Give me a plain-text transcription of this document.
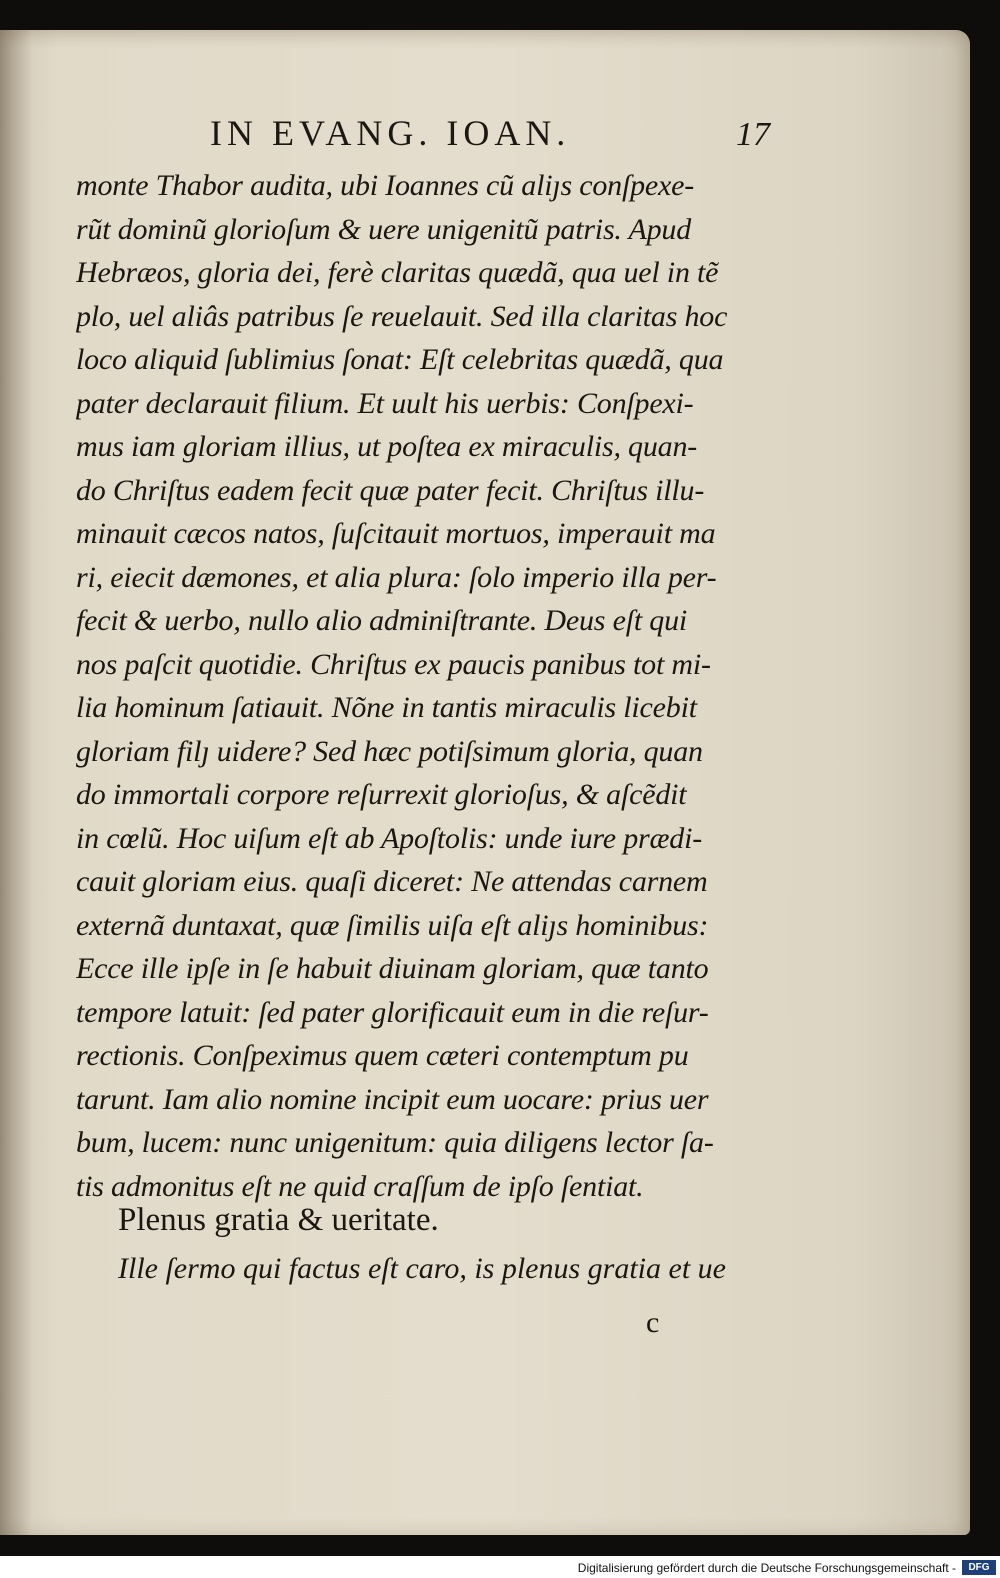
IN EVANG. IOAN.	17
monte Thabor audita, ubi Ioannes cũ aliȷs conſpexe-
rũt dominũ glorioſum & uere unigenitũ patris. Apud
Hebræos, gloria dei, ferè claritas quædã, qua uel in tẽ
plo, uel aliâs patribus ſe reuelauit. Sed illa claritas hoc
loco aliquid ſublimius ſonat: Eſt celebritas quædã, qua
pater declarauit filium. Et uult his uerbis: Conſpexi-
mus iam gloriam illius, ut poſtea ex miraculis, quan-
do Chriſtus eadem fecit quæ pater fecit. Chriſtus illu-
minauit cæcos natos, ſuſcitauit mortuos, imperauit ma
ri, eiecit dæmones, et alia plura: ſolo imperio illa per-
fecit & uerbo, nullo alio adminiſtrante. Deus eſt qui
nos paſcit quotidie. Chriſtus ex paucis panibus tot mi-
lia hominum ſatiauit. Nõne in tantis miraculis licebit
gloriam filȷ uidere? Sed hæc potiſsimum gloria, quan
do immortali corpore reſurrexit glorioſus, & aſcẽdit
in cœlũ. Hoc uiſum eſt ab Apoſtolis: unde iure prædi-
cauit gloriam eius. quaſi diceret: Ne attendas carnem
externã duntaxat, quæ ſimilis uiſa eſt aliȷs hominibus:
Ecce ille ipſe in ſe habuit diuinam gloriam, quæ tanto
tempore latuit: ſed pater glorificauit eum in die reſur-
rectionis. Conſpeximus quem cæteri contemptum pu
tarunt. Iam alio nomine incipit eum uocare: prius uer
bum, lucem: nunc unigenitum: quia diligens lector ſa-
tis admonitus eſt ne quid craſſum de ipſo ſentiat.
Plenus gratia & ueritate.
Ille ſermo qui factus eſt caro, is plenus gratia et ue
c
Digitalisierung gefördert durch die Deutsche Forschungsgemeinschaft -	DFG
